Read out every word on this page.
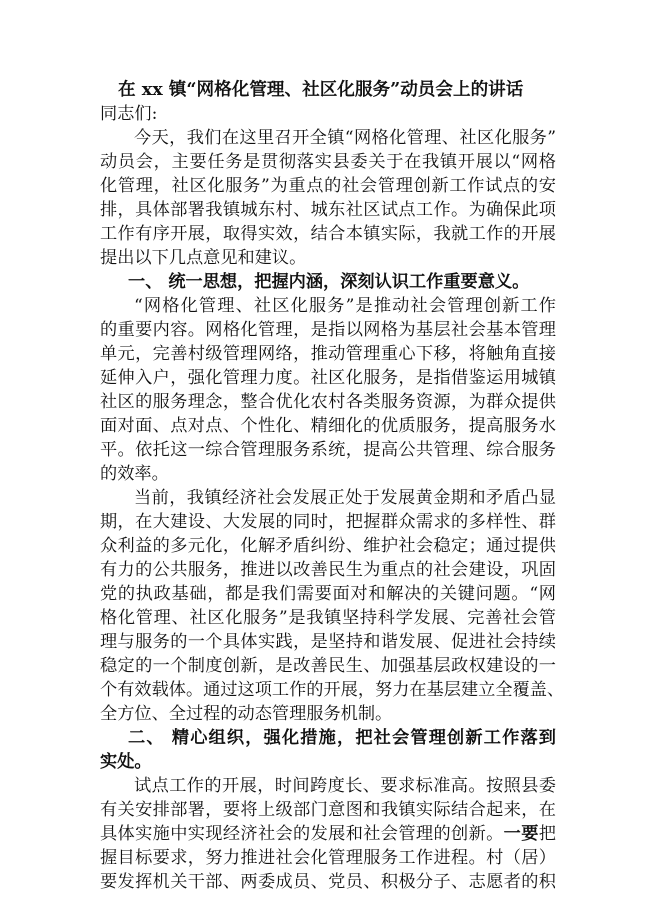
在 xx 镇“网格化管理、社区化服务”动员会上的讲话
同志们:
今天，我们在这里召开全镇“网格化管理、社区化服务”
动员会，主要任务是贯彻落实县委关于在我镇开展以“网格
化管理，社区化服务”为重点的社会管理创新工作试点的安
排，具体部署我镇城东村、城东社区试点工作。为确保此项
工作有序开展，取得实效，结合本镇实际，我就工作的开展
提出以下几点意见和建议。
一、 统一思想，把握内涵，深刻认识工作重要意义。
“网格化管理、社区化服务”是推动社会管理创新工作
的重要内容。网格化管理，是指以网格为基层社会基本管理
单元，完善村级管理网络，推动管理重心下移，将触角直接
延伸入户，强化管理力度。社区化服务，是指借鉴运用城镇
社区的服务理念，整合优化农村各类服务资源，为群众提供
面对面、点对点、个性化、精细化的优质服务，提高服务水
平。依托这一综合管理服务系统，提高公共管理、综合服务
的效率。
当前，我镇经济社会发展正处于发展黄金期和矛盾凸显
期，在大建设、大发展的同时，把握群众需求的多样性、群
众利益的多元化，化解矛盾纠纷、维护社会稳定；通过提供
有力的公共服务，推进以改善民生为重点的社会建设，巩固
党的执政基础，都是我们需要面对和解决的关键问题。“网
格化管理、社区化服务”是我镇坚持科学发展、完善社会管
理与服务的一个具体实践，是坚持和谐发展、促进社会持续
稳定的一个制度创新，是改善民生、加强基层政权建设的一
个有效载体。通过这项工作的开展，努力在基层建立全覆盖、
全方位、全过程的动态管理服务机制。
二、 精心组织，强化措施，把社会管理创新工作落到
实处。
试点工作的开展，时间跨度长、要求标准高。按照县委
有关安排部署，要将上级部门意图和我镇实际结合起来，在
具体实施中实现经济社会的发展和社会管理的创新。一要把
握目标要求，努力推进社会化管理服务工作进程。村（居）
要发挥机关干部、两委成员、党员、积极分子、志愿者的积
